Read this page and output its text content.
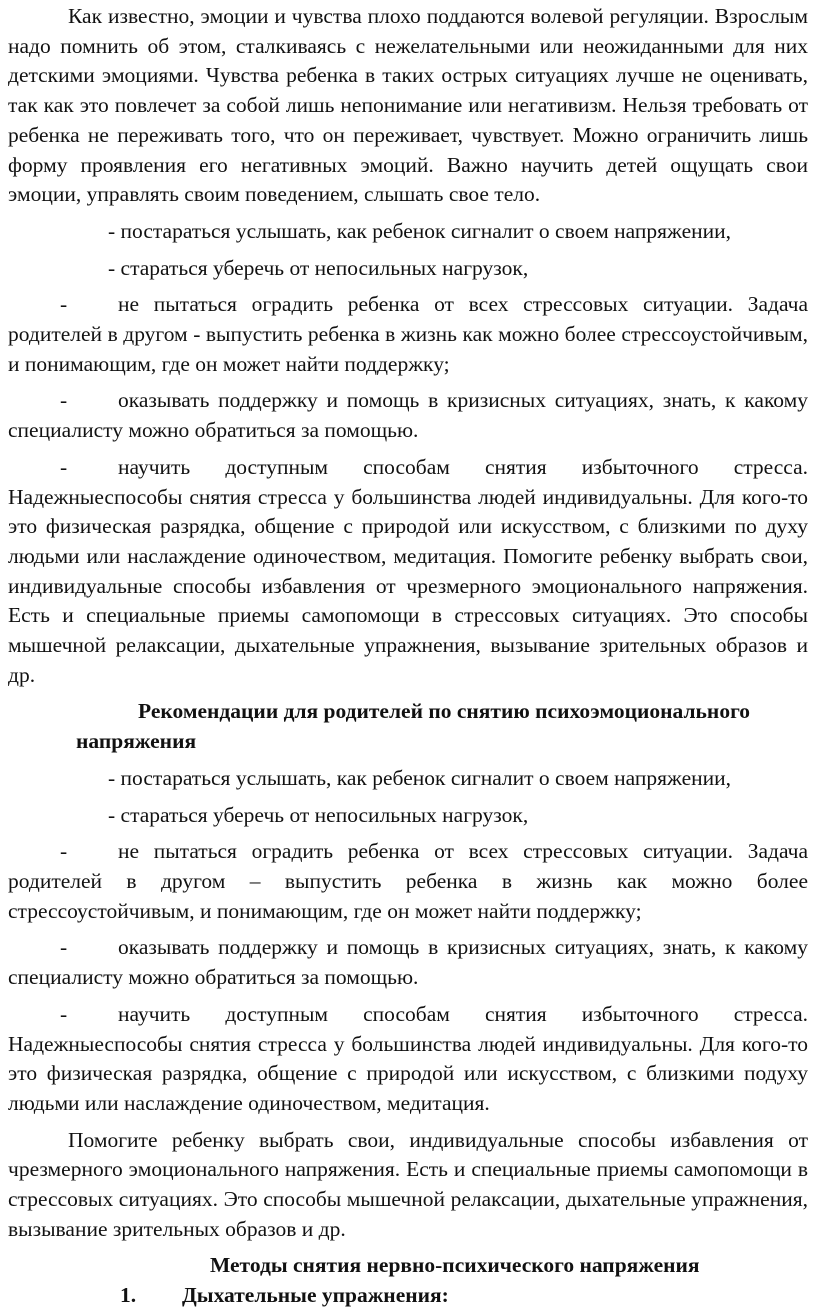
Как известно, эмоции и чувства плохо поддаются волевой регуляции. Взрослым надо помнить об этом, сталкиваясь с нежелательными или неожиданными для них детскими эмоциями. Чувства ребенка в таких острых ситуациях лучше не оценивать, так как это повлечет за собой лишь непонимание или негативизм. Нельзя требовать от ребенка не переживать того, что он переживает, чувствует. Можно ограничить лишь форму проявления его негативных эмоций. Важно научить детей ощущать свои эмоции, управлять своим поведением, слышать свое тело.

- постараться услышать, как ребенок сигналит о своем напряжении,

- стараться уберечь от непосильных нагрузок,

- не пытаться оградить ребенка от всех стрессовых ситуации. Задача родителей в другом - выпустить ребенка в жизнь как можно более стрессоустойчивым, и понимающим, где он может найти поддержку;

- оказывать поддержку и помощь в кризисных ситуациях, знать, к какому специалисту можно обратиться за помощью.

- научить доступным способам снятия избыточного стресса. Надежныеспособы снятия стресса у большинства людей индивидуальны. Для кого-то это физическая разрядка, общение с природой или искусством, с близкими по духу людьми или наслаждение одиночеством, медитация. Помогите ребенку выбрать свои, индивидуальные способы избавления от чрезмерного эмоционального напряжения. Есть и специальные приемы самопомощи в стрессовых ситуациях. Это способы мышечной релаксации, дыхательные упражнения, вызывание зрительных образов и др.

Рекомендации для родителей по снятию психоэмоционального напряжения

- постараться услышать, как ребенок сигналит о своем напряжении,

- стараться уберечь от непосильных нагрузок,

- не пытаться оградить ребенка от всех стрессовых ситуации. Задача родителей в другом – выпустить ребенка в жизнь как можно более стрессоустойчивым, и понимающим, где он может найти поддержку;

- оказывать поддержку и помощь в кризисных ситуациях, знать, к какому специалисту можно обратиться за помощью.

- научить доступным способам снятия избыточного стресса. Надежныеспособы снятия стресса у большинства людей индивидуальны. Для кого-то это физическая разрядка, общение с природой или искусством, с близкими подуху людьми или наслаждение одиночеством, медитация.

Помогите ребенку выбрать свои, индивидуальные способы избавления от чрезмерного эмоционального напряжения. Есть и специальные приемы самопомощи в стрессовых ситуациях. Это способы мышечной релаксации, дыхательные упражнения, вызывание зрительных образов и др.

Методы снятия нервно-психического напряжения

1. Дыхательные упражнения:
